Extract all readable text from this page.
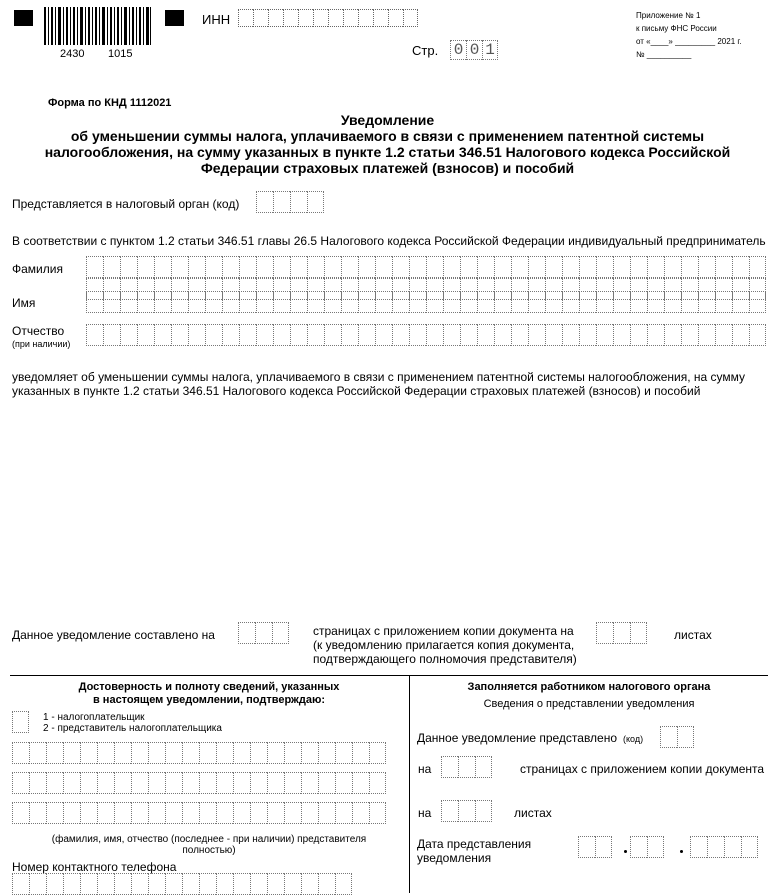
2430 1015
ИНН
Стр. 0 0 1
Приложение № 1
к письму ФНС России
от «____» _________ 2021 г.
№ __________
Форма по КНД 1112021
Уведомление
об уменьшении суммы налога, уплачиваемого в связи с применением патентной системы
налогообложения, на сумму указанных в пункте 1.2 статьи 346.51 Налогового кодекса Российской
Федерации страховых платежей (взносов) и пособий
Представляется в налоговый орган (код)
В соответствии с пунктом 1.2 статьи 346.51 главы 26.5 Налогового кодекса Российской Федерации индивидуальный предприниматель
Фамилия
Имя
Отчество
(при наличии)
уведомляет об уменьшении суммы налога, уплачиваемого в связи с применением патентной системы налогообложения, на сумму
указанных в пункте 1.2 статьи 346.51 Налогового кодекса Российской Федерации страховых платежей (взносов) и пособий
Данное уведомление составлено на	страницах с приложением копии документа на
(к уведомлению прилагается копия документа,
подтверждающего полномочия представителя)
листах
Достоверность и полноту сведений, указанных
в настоящем уведомлении, подтверждаю:
1 - налогоплательщик
2 - представитель налогоплательщика
(фамилия, имя, отчество (последнее - при наличии) представителя
полностью)
Номер контактного телефона
Заполняется работником налогового органа
Сведения о представлении уведомления
Данное уведомление представлено (код)
на	страницах с приложением копии документа
на	листах
Дата представления
уведомления
